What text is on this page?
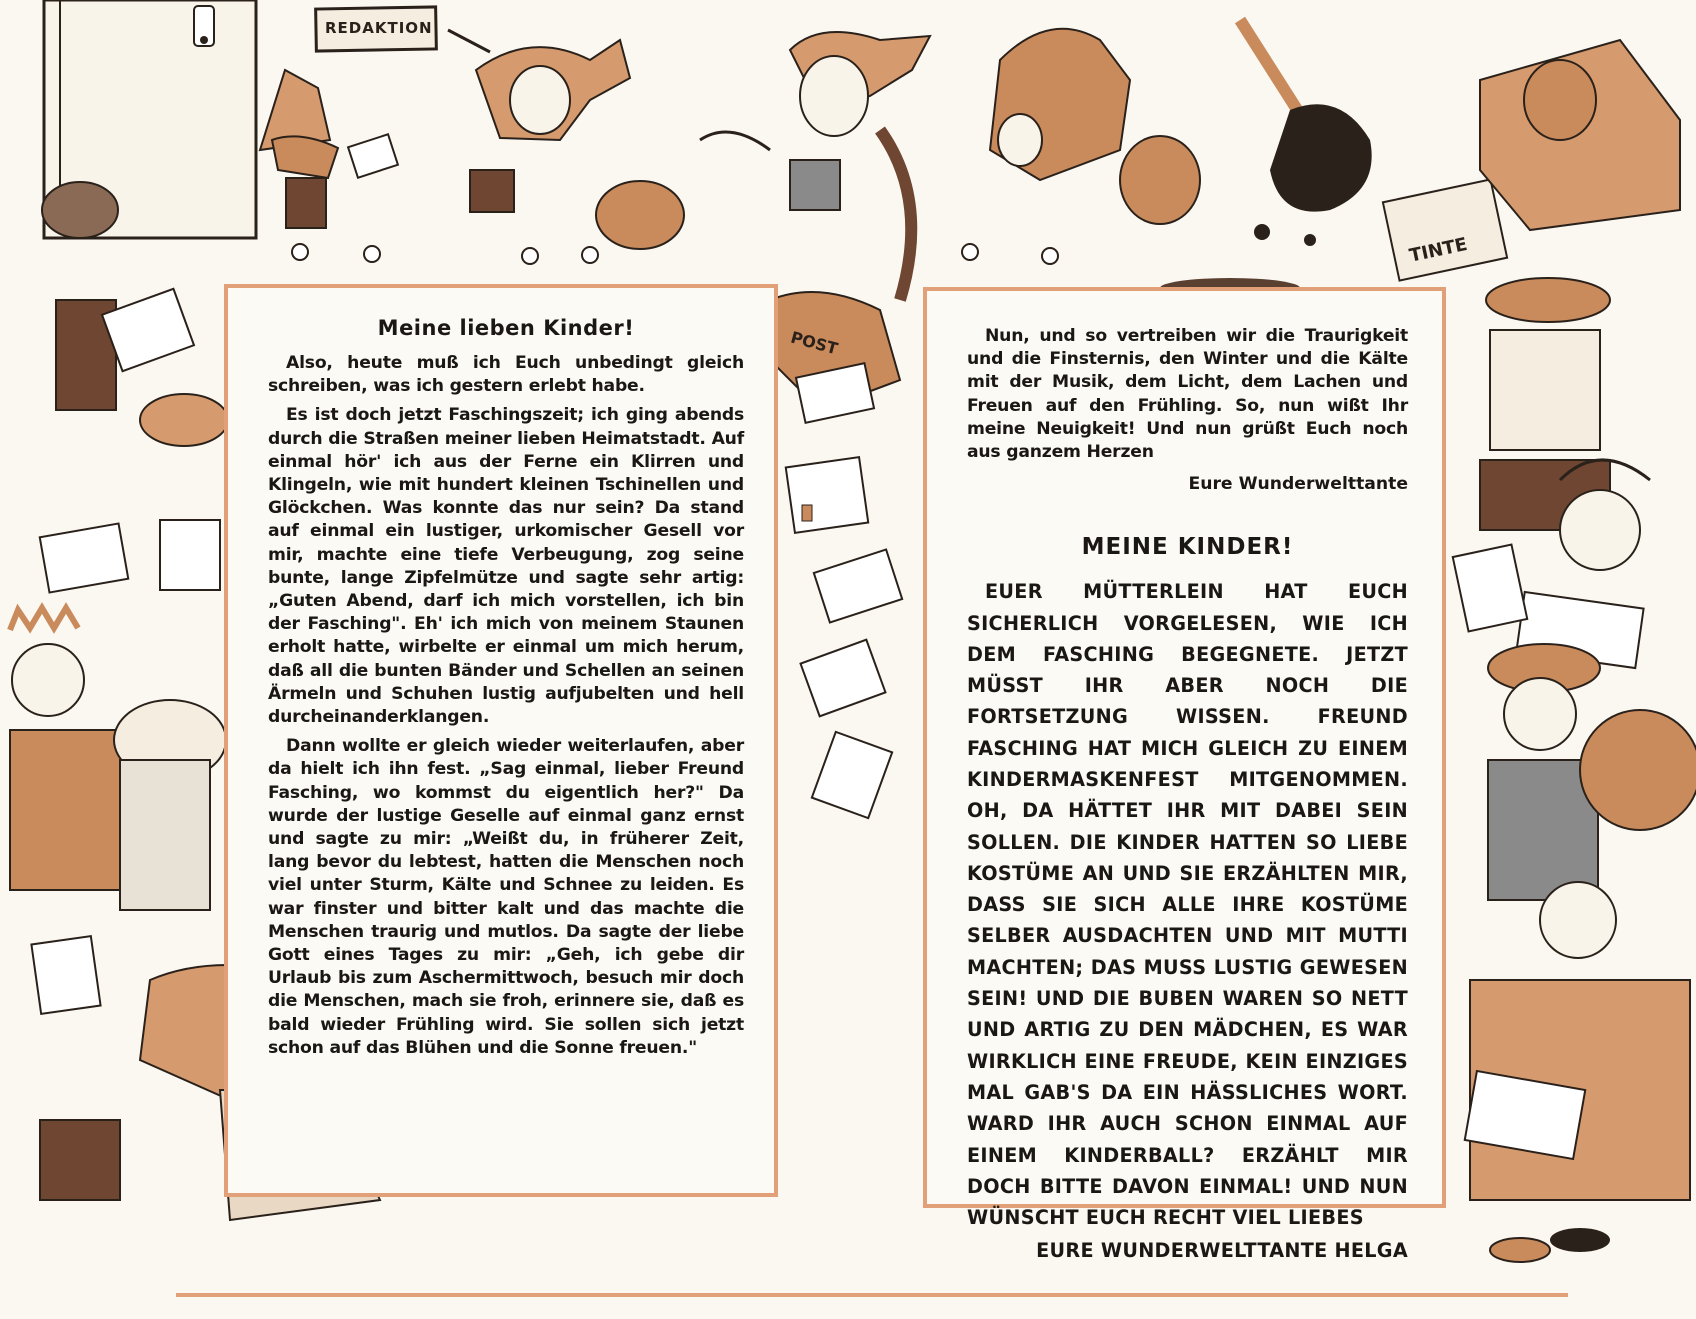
REDAKTION
TINTE
POST
Meine lieben Kinder!

Also, heute muß ich Euch unbedingt gleich schreiben, was ich gestern erlebt habe.

Es ist doch jetzt Faschingszeit; ich ging abends durch die Straßen meiner lieben Heimatstadt. Auf einmal hör' ich aus der Ferne ein Klirren und Klingeln, wie mit hundert kleinen Tschinellen und Glöckchen. Was konnte das nur sein? Da stand auf einmal ein lustiger, urkomischer Gesell vor mir, machte eine tiefe Verbeugung, zog seine bunte, lange Zipfelmütze und sagte sehr artig: „Guten Abend, darf ich mich vorstellen, ich bin der Fasching". Eh' ich mich von meinem Staunen erholt hatte, wirbelte er einmal um mich herum, daß all die bunten Bänder und Schellen an seinen Ärmeln und Schuhen lustig aufjubelten und hell durcheinanderklangen.

Dann wollte er gleich wieder weiterlaufen, aber da hielt ich ihn fest. „Sag einmal, lieber Freund Fasching, wo kommst du eigentlich her?" Da wurde der lustige Geselle auf einmal ganz ernst und sagte zu mir: „Weißt du, in früherer Zeit, lang bevor du lebtest, hatten die Menschen noch viel unter Sturm, Kälte und Schnee zu leiden. Es war finster und bitter kalt und das machte die Menschen traurig und mutlos. Da sagte der liebe Gott eines Tages zu mir: „Geh, ich gebe dir Urlaub bis zum Aschermittwoch, besuch mir doch die Menschen, mach sie froh, erinnere sie, daß es bald wieder Frühling wird. Sie sollen sich jetzt schon auf das Blühen und die Sonne freuen."

Nun, und so vertreiben wir die Traurigkeit und die Finsternis, den Winter und die Kälte mit der Musik, dem Licht, dem Lachen und Freuen auf den Frühling. So, nun wißt Ihr meine Neuigkeit! Und nun grüßt Euch noch aus ganzem Herzen

Eure Wunderwelttante

MEINE KINDER!

EUER MÜTTERLEIN HAT EUCH SICHERLICH VORGELESEN, WIE ICH DEM FASCHING BEGEGNETE. JETZT MÜSST IHR ABER NOCH DIE FORTSETZUNG WISSEN. FREUND FASCHING HAT MICH GLEICH ZU EINEM KINDERMASKENFEST MITGENOMMEN. OH, DA HÄTTET IHR MIT DABEI SEIN SOLLEN. DIE KINDER HATTEN SO LIEBE KOSTÜME AN UND SIE ERZÄHLTEN MIR, DASS SIE SICH ALLE IHRE KOSTÜME SELBER AUSDACHTEN UND MIT MUTTI MACHTEN; DAS MUSS LUSTIG GEWESEN SEIN! UND DIE BUBEN WAREN SO NETT UND ARTIG ZU DEN MÄDCHEN, ES WAR WIRKLICH EINE FREUDE, KEIN EINZIGES MAL GAB'S DA EIN HÄSSLICHES WORT. WARD IHR AUCH SCHON EINMAL AUF EINEM KINDERBALL? ERZÄHLT MIR DOCH BITTE DAVON EINMAL! UND NUN WÜNSCHT EUCH RECHT VIEL LIEBES

EURE WUNDERWELTTANTE HELGA
